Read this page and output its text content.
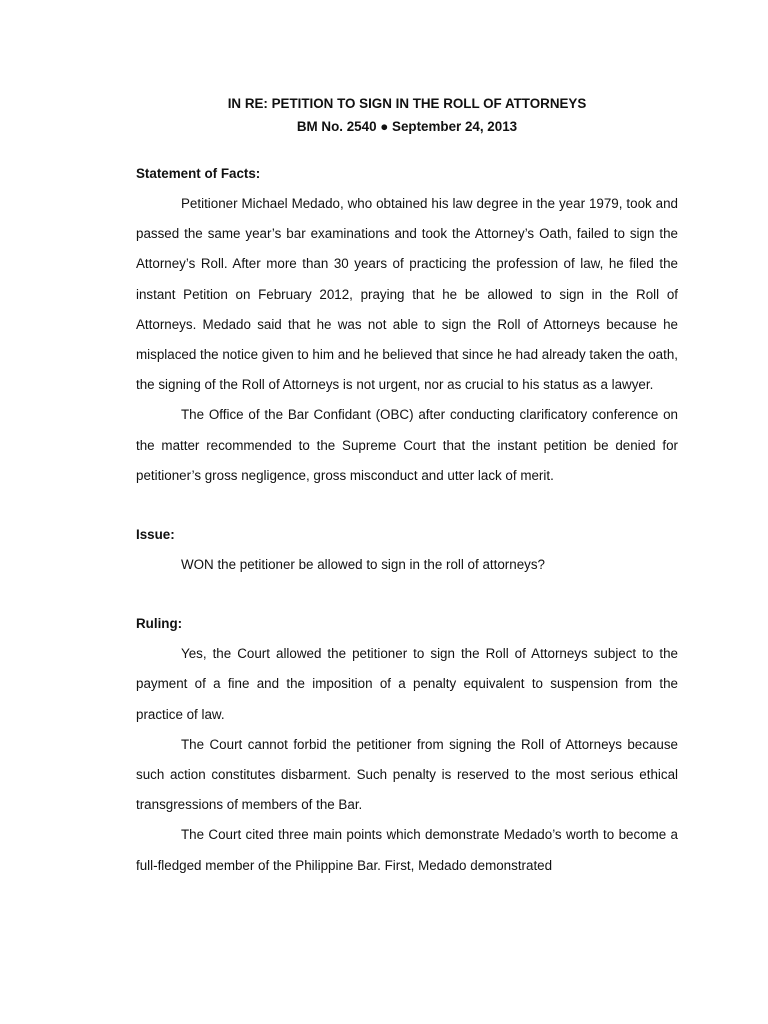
IN RE: PETITION TO SIGN IN THE ROLL OF ATTORNEYS
BM No. 2540 ● September 24, 2013
Statement of Facts:

Petitioner Michael Medado, who obtained his law degree in the year 1979, took and passed the same year’s bar examinations and took the Attorney’s Oath, failed to sign the Attorney’s Roll. After more than 30 years of practicing the profession of law, he filed the instant Petition on February 2012, praying that he be allowed to sign in the Roll of Attorneys. Medado said that he was not able to sign the Roll of Attorneys because he misplaced the notice given to him and he believed that since he had already taken the oath, the signing of the Roll of Attorneys is not urgent, nor as crucial to his status as a lawyer.

The Office of the Bar Confidant (OBC) after conducting clarificatory conference on the matter recommended to the Supreme Court that the instant petition be denied for petitioner’s gross negligence, gross misconduct and utter lack of merit.

Issue:

WON the petitioner be allowed to sign in the roll of attorneys?

Ruling:

Yes, the Court allowed the petitioner to sign the Roll of Attorneys subject to the payment of a fine and the imposition of a penalty equivalent to suspension from the practice of law.

The Court cannot forbid the petitioner from signing the Roll of Attorneys because such action constitutes disbarment. Such penalty is reserved to the most serious ethical transgressions of members of the Bar.

The Court cited three main points which demonstrate Medado’s worth to become a full-fledged member of the Philippine Bar. First, Medado demonstrated
